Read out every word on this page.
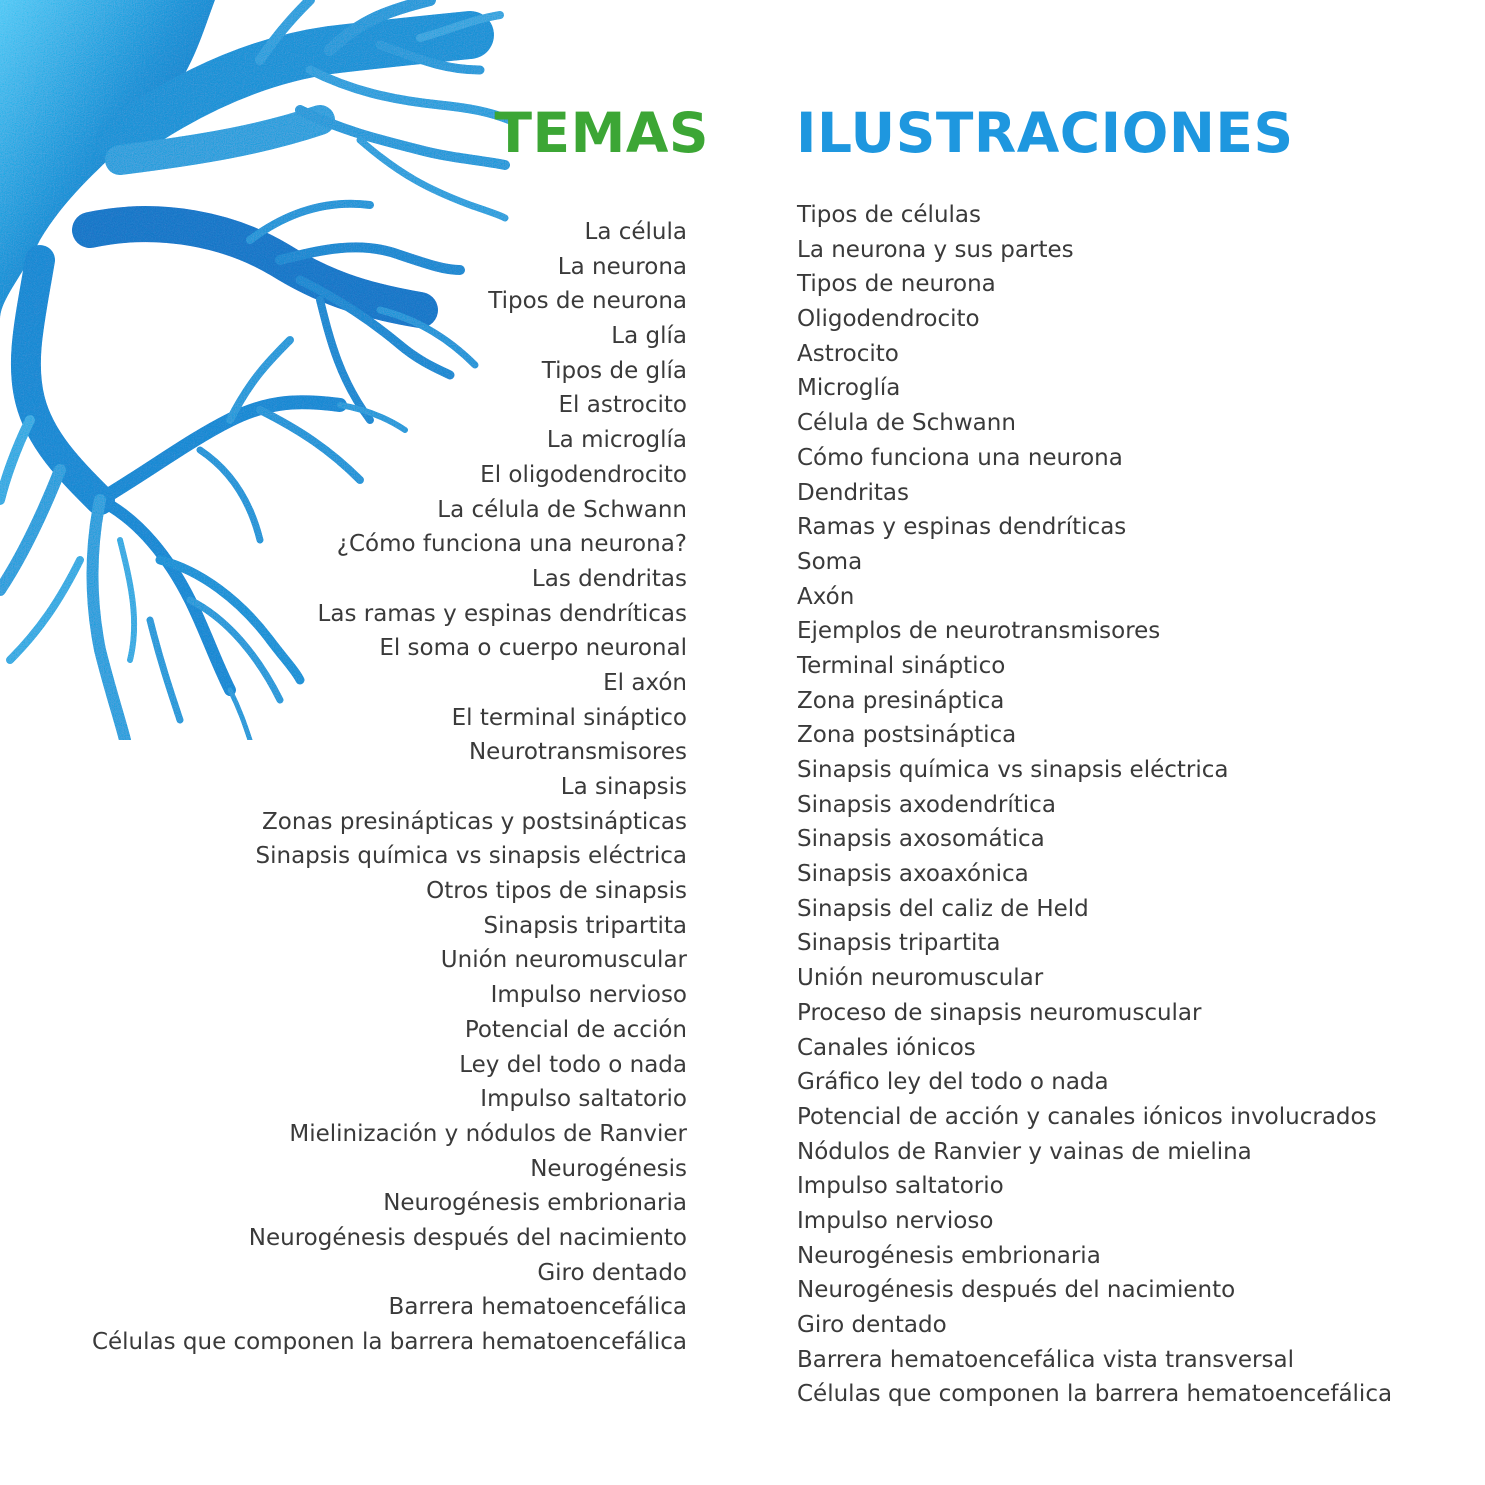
TEMAS
La célula
La neurona
Tipos de neurona
La glía
Tipos de glía
El astrocito
La microglía
El oligodendrocito
La célula de Schwann
¿Cómo funciona una neurona?
Las dendritas
Las ramas y espinas dendríticas
El soma o cuerpo neuronal
El axón
El terminal sináptico
Neurotransmisores
La sinapsis
Zonas presinápticas y postsinápticas
Sinapsis química vs sinapsis eléctrica
Otros tipos de sinapsis
Sinapsis tripartita
Unión neuromuscular
Impulso nervioso
Potencial de acción
Ley del todo o nada
Impulso saltatorio
Mielinización y nódulos de Ranvier
Neurogénesis
Neurogénesis embrionaria
Neurogénesis después del nacimiento
Giro dentado
Barrera hematoencefálica
Células que componen la barrera hematoencefálica
ILUSTRACIONES
Tipos de células
La neurona y sus partes
Tipos de neurona
Oligodendrocito
Astrocito
Microglía
Célula de Schwann
Cómo funciona una neurona
Dendritas
Ramas y espinas dendríticas
Soma
Axón
Ejemplos de neurotransmisores
Terminal sináptico
Zona presináptica
Zona postsináptica
Sinapsis química vs sinapsis eléctrica
Sinapsis axodendrítica
Sinapsis axosomática
Sinapsis axoaxónica
Sinapsis del caliz de Held
Sinapsis tripartita
Unión neuromuscular
Proceso de sinapsis neuromuscular
Canales iónicos
Gráfico ley del todo o nada
Potencial de acción y canales iónicos involucrados
Nódulos de Ranvier y vainas de mielina
Impulso saltatorio
Impulso nervioso
Neurogénesis embrionaria
Neurogénesis después del nacimiento
Giro dentado
Barrera hematoencefálica vista transversal
Células que componen la barrera hematoencefálica
